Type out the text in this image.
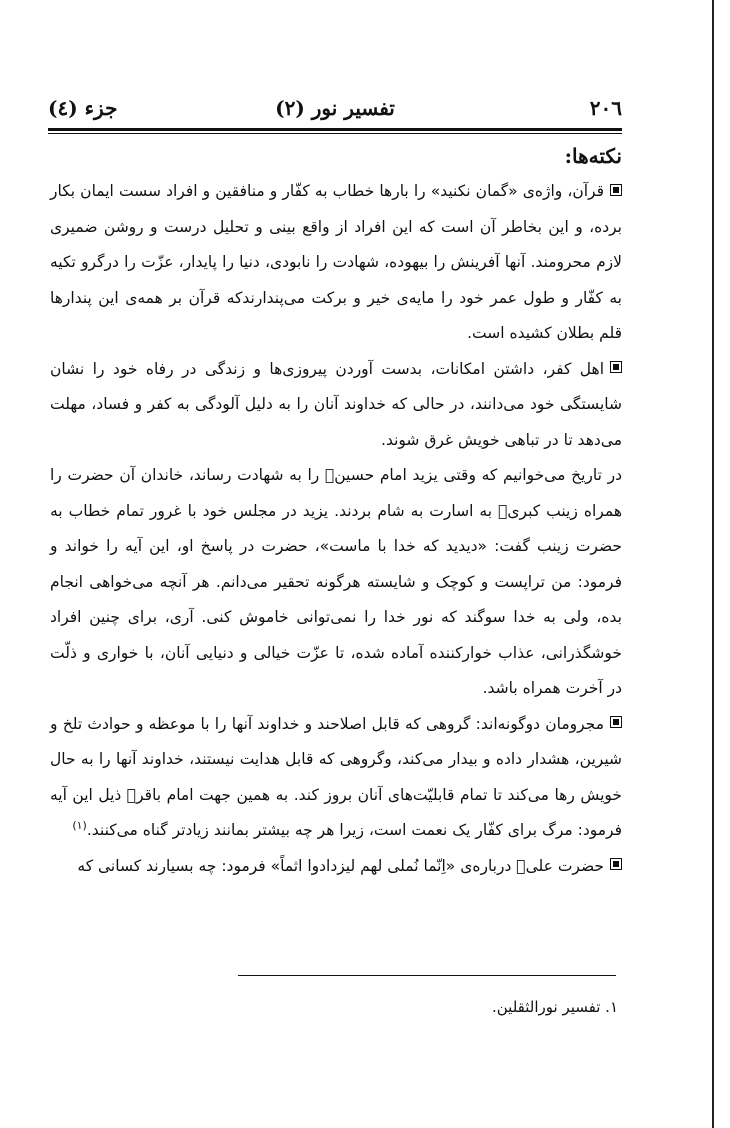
٢٠٦
تفسير نور (٢)
جزء (٤)

نكته‌ها:

قرآن، واژه‌ی «گمان نكنيد» را بارها خطاب به كفّار و منافقين و افراد سست ايمان بكار برده، و اين بخاطر آن است كه اين افراد از واقع بينى و تحليل درست و روشن ضميرى لازم محرومند. آنها آفرينش را بيهوده، شهادت را نابودى، دنيا را پايدار، عزّت را درگرو تكيه به كفّار و طول عمر خود را مايه‌ی خير و بركت مى‌پندارندكه قرآن بر همه‌ى اين پندارها قلم بطلان كشيده است.

اهل كفر، داشتن امكانات، بدست آوردن پيروزى‌ها و زندگى در رفاه خود را نشان شايستگى خود مى‌دانند، در حالى كه خداوند آنان را به دليل آلودگى به كفر و فساد، مهلت مى‌دهد تا در تباهى خويش غرق شوند.

در تاريخ مى‌خوانيم كه وقتى يزيد امام حسينؑ را به شهادت رساند، خاندان آن حضرت را همراه زينب كبرىؑ به اسارت به شام بردند. يزيد در مجلس خود با غرور تمام خطاب به حضرت زينب گفت: «ديديد كه خدا با ماست»، حضرت در پاسخ او، اين آيه را خواند و فرمود: من تراپست و كوچک و شايسته هرگونه تحقير مى‌دانم. هر آنچه مى‌خواهى انجام بده، ولى به خدا سوگند كه نور خدا را نمى‌توانى خاموش كنى. آرى، براى چنين افراد خوشگذرانى، عذاب خواركننده آماده شده، تا عزّت خيالى و دنيايى آنان، با خوارى و ذلّت در آخرت همراه باشد.

مجرومان دوگونه‌اند: گروهى كه قابل اصلاحند و خداوند آنها را با موعظه و حوادث تلخ و شيرين، هشدار داده و بيدار مى‌كند، وگروهى كه قابل هدايت نيستند، خداوند آنها را به حال خويش رها مى‌كند تا تمام قابليّت‌هاى آنان بروز كند. به همين جهت امام باقرؑ ذيل اين آيه فرمود: مرگ براى كفّار يک نعمت است، زيرا هر چه بيشتر بمانند زيادتر گناه مى‌كنند.$^{(١)}$

حضرت علىؑ درباره‌ى «اِنّما نُملى لهم ليزدادوا اثماً» فرمود: چه بسيارند كسانى كه

١. تفسير نورالثقلين.
